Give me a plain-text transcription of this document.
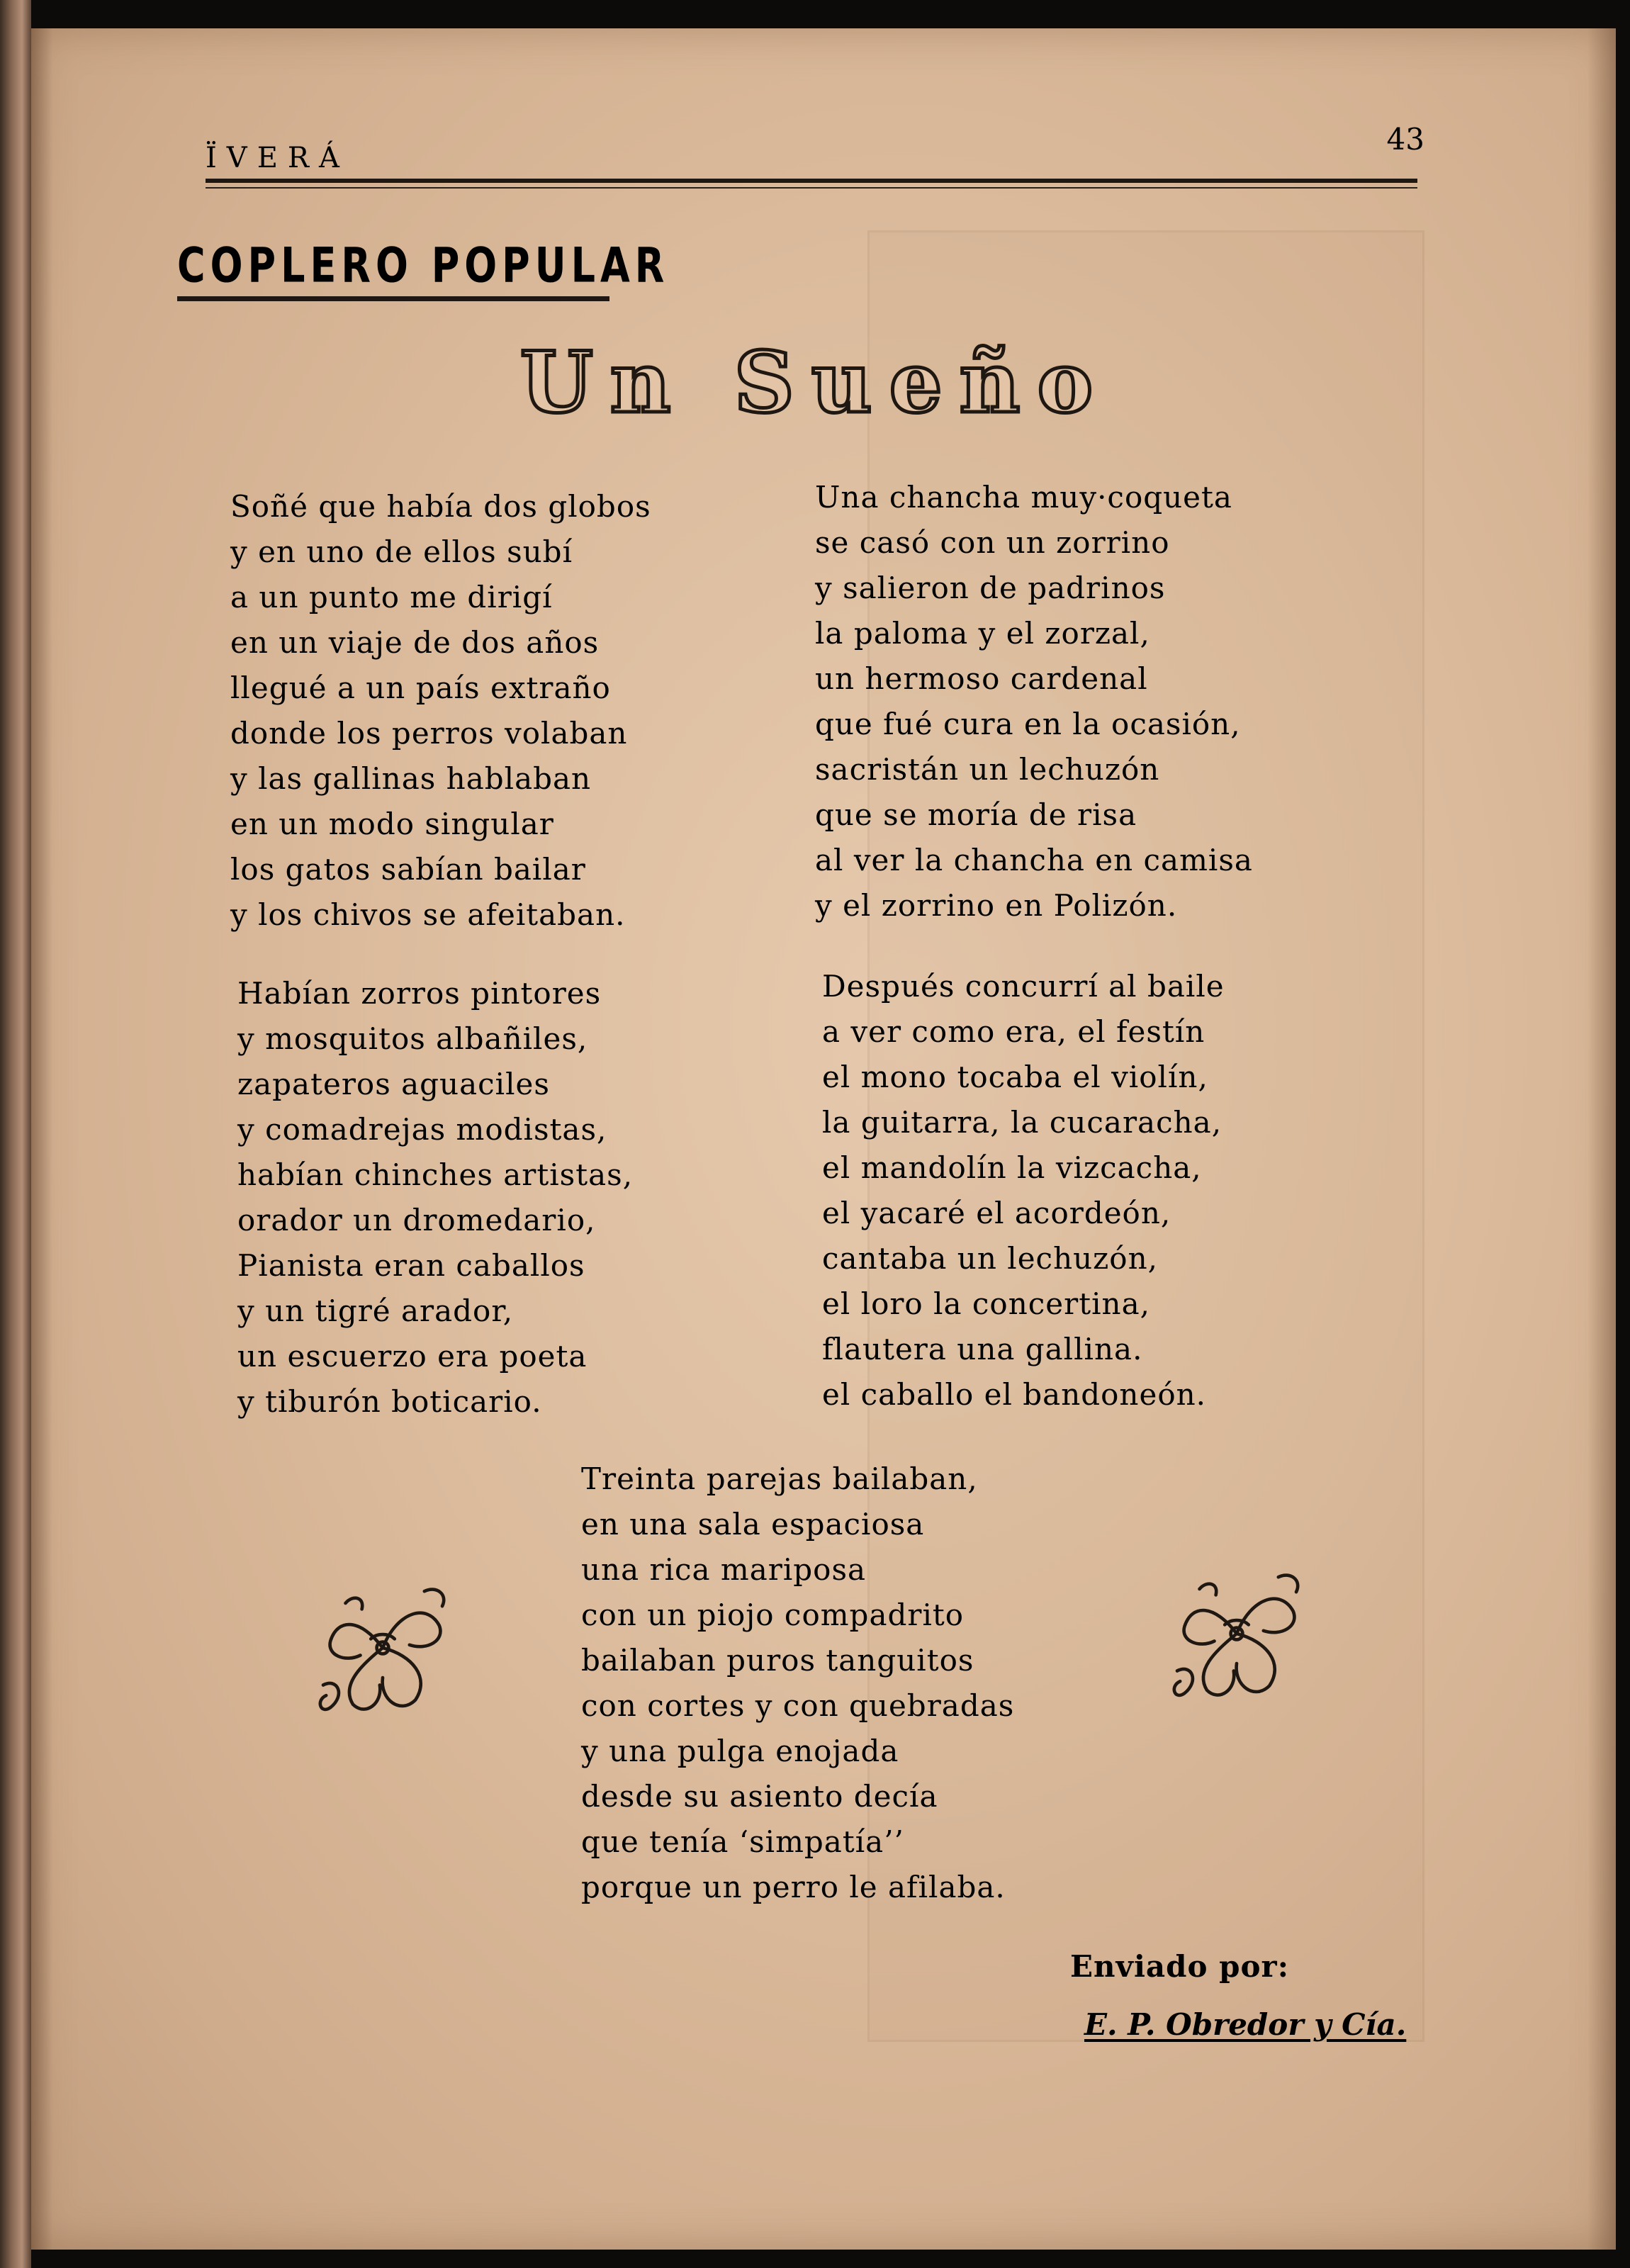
ÏVERÁ
43
COPLERO POPULAR
Un Sueño
Soñé que había dos globos
y en uno de ellos subí
a un punto me dirigí
en un viaje de dos años
llegué a un país extraño
donde los perros volaban
y las gallinas hablaban
en un modo singular
los gatos sabían bailar
y los chivos se afeitaban.
Una chancha muy·coqueta
se casó con un zorrino
y salieron de padrinos
la paloma y el zorzal,
un hermoso cardenal
que fué cura en la ocasión,
sacristán un lechuzón
que se moría de risa
al ver la chancha en camisa
y el zorrino en Polizón.
Habían zorros pintores
y mosquitos albañiles,
zapateros aguaciles
y comadrejas modistas,
habían chinches artistas,
orador un dromedario,
Pianista eran caballos
y un tigré arador,
un escuerzo era poeta
y tiburón boticario.
Después concurrí al baile
a ver como era, el festín
el mono tocaba el violín,
la guitarra, la cucaracha,
el mandolín la vizcacha,
el yacaré el acordeón,
cantaba un lechuzón,
el loro la concertina,
flautera una gallina.
el caballo el bandoneón.
Treinta parejas bailaban,
en una sala espaciosa
una rica mariposa
con un piojo compadrito
bailaban puros tanguitos
con cortes y con quebradas
y una pulga enojada
desde su asiento decía
que tenía ‘simpatía’’
porque un perro le afilaba.
Enviado por:
E. P. Obredor y Cía.
